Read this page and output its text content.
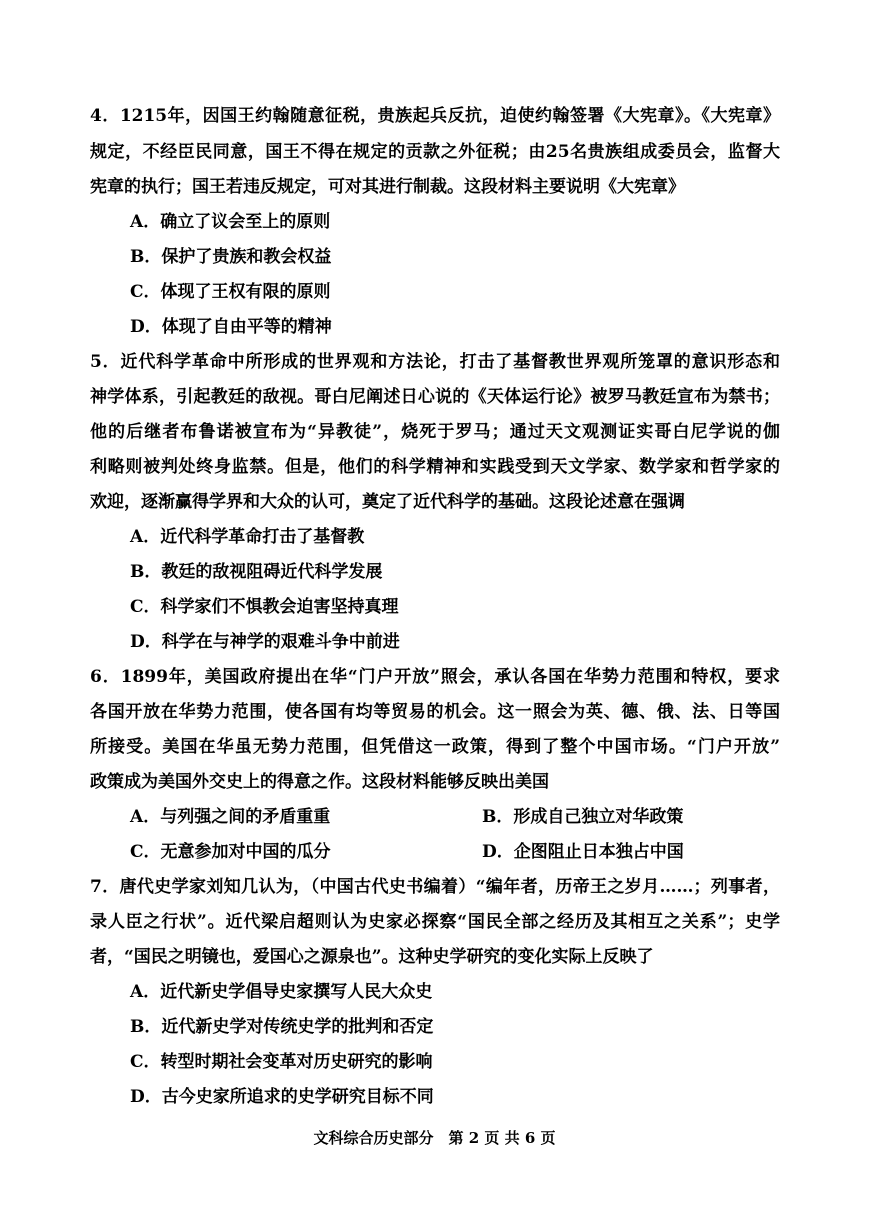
4．1215年，因国王约翰随意征税，贵族起兵反抗，迫使约翰签署《大宪章》。《大宪章》
规定，不经臣民同意，国王不得在规定的贡款之外征税；由25名贵族组成委员会，监督大
宪章的执行；国王若违反规定，可对其进行制裁。这段材料主要说明《大宪章》
A．确立了议会至上的原则
B．保护了贵族和教会权益
C．体现了王权有限的原则
D．体现了自由平等的精神
5．近代科学革命中所形成的世界观和方法论，打击了基督教世界观所笼罩的意识形态和
神学体系，引起教廷的敌视。哥白尼阐述日心说的《天体运行论》被罗马教廷宣布为禁书；
他的后继者布鲁诺被宣布为“异教徒”，烧死于罗马；通过天文观测证实哥白尼学说的伽
利略则被判处终身监禁。但是，他们的科学精神和实践受到天文学家、数学家和哲学家的
欢迎，逐渐赢得学界和大众的认可，奠定了近代科学的基础。这段论述意在强调
A．近代科学革命打击了基督教
B．教廷的敌视阻碍近代科学发展
C．科学家们不惧教会迫害坚持真理
D．科学在与神学的艰难斗争中前进
6．1899年，美国政府提出在华“门户开放”照会，承认各国在华势力范围和特权，要求
各国开放在华势力范围，使各国有均等贸易的机会。这一照会为英、德、俄、法、日等国
所接受。美国在华虽无势力范围，但凭借这一政策，得到了整个中国市场。“门户开放”
政策成为美国外交史上的得意之作。这段材料能够反映出美国
A．与列强之间的矛盾重重	B．形成自己独立对华政策
C．无意参加对中国的瓜分	D．企图阻止日本独占中国
7．唐代史学家刘知几认为，（中国古代史书编着）“编年者，历帝王之岁月……；列事者，
录人臣之行状”。近代梁启超则认为史家必探察“国民全部之经历及其相互之关系”；史学
者，“国民之明镜也，爱国心之源泉也”。这种史学研究的变化实际上反映了
A．近代新史学倡导史家撰写人民大众史
B．近代新史学对传统史学的批判和否定
C．转型时期社会变革对历史研究的影响
D．古今史家所追求的史学研究目标不同
文科综合历史部分　第 2 页 共 6 页
